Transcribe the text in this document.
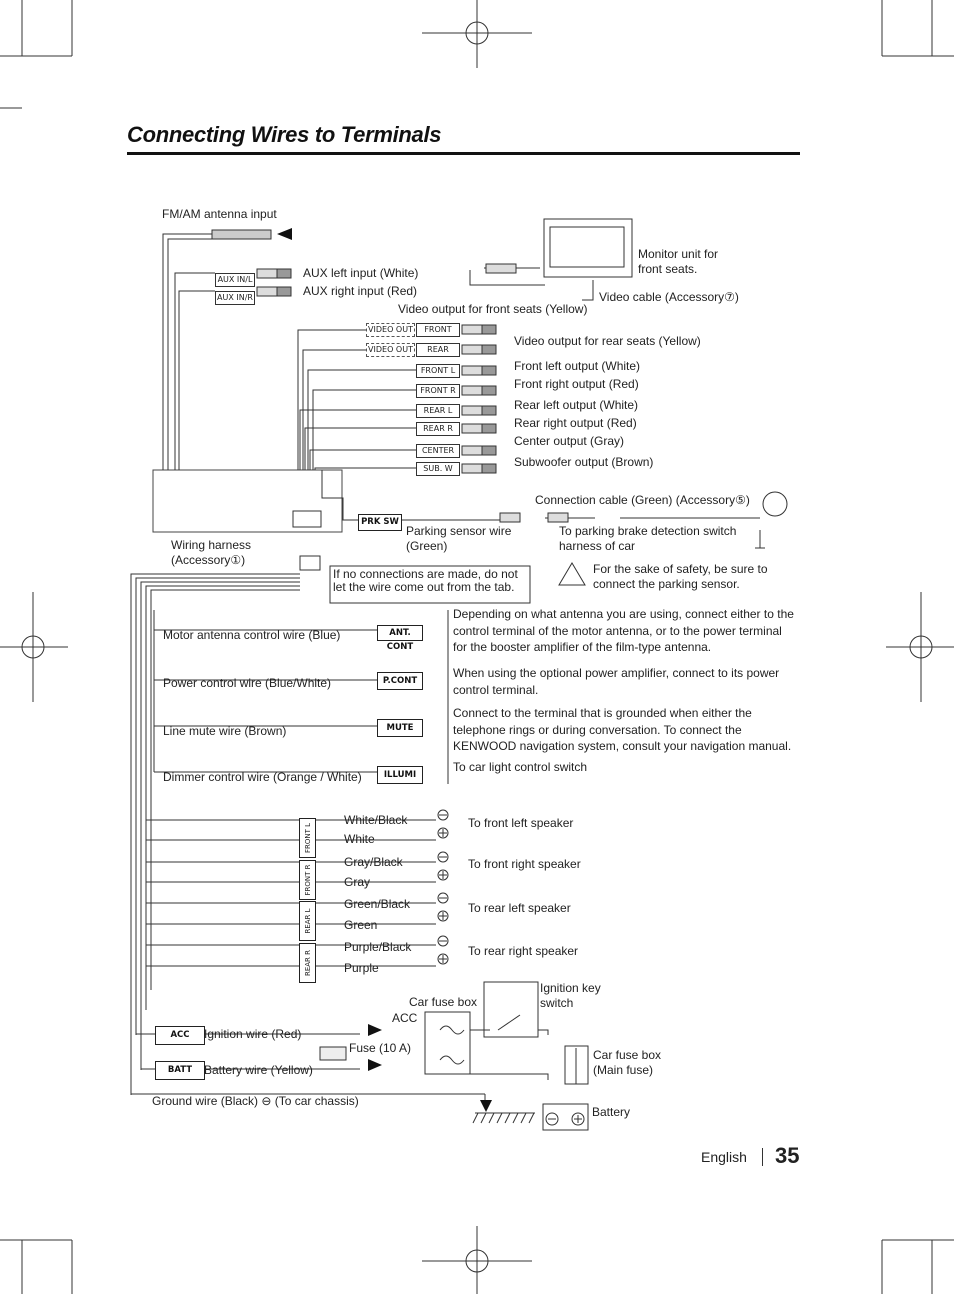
Connecting Wires to Terminals
AUX IN/L
AUX IN/R
VIDEO OUT
VIDEO OUT
FRONT
REAR
FRONT L
FRONT R
REAR L
REAR R
CENTER
SUB. W
PRK SW
ANT. CONT
P.CONT
MUTE
ILLUMI
ACC
BATT
FRONT L
FRONT R
REAR L
REAR R
FM/AM antenna input
AUX left input (White)
AUX right input (Red)
Monitor unit for front seats.
Video cable (Accessory⑦)
Video output for front seats (Yellow)
Video output for rear seats (Yellow)
Front left output (White)
Front right output (Red)
Rear left output (White)
Rear right output (Red)
Center output (Gray)
Subwoofer output (Brown)
Connection cable (Green) (Accessory⑤)
Parking sensor wire (Green)
To parking brake detection switch harness of car
Wiring harness (Accessory①)
If no connections are made, do not let the wire come out from the tab.
For the sake of safety, be sure to connect the parking sensor.
Motor antenna control wire (Blue)
Depending on what antenna you are using, connect either to the control terminal of the motor antenna, or to the power terminal for the booster amplifier of the film-type antenna.
Power control wire (Blue/White)
When using the optional power amplifier, connect to its power control terminal.
Line mute wire (Brown)
Connect to the terminal that is grounded when either the telephone rings or during conversation. To connect the KENWOOD navigation system, consult your navigation manual.
Dimmer control wire (Orange / White)
To car light control switch
White/Black
White
To front left speaker
Gray/Black
Gray
To front right speaker
Green/Black
Green
To rear left speaker
Purple/Black
Purple
To rear right speaker
Ignition key switch
Car fuse box
ACC
Ignition wire (Red)
Fuse (10 A)
Battery wire (Yellow)
Car fuse box (Main fuse)
Battery
Ground wire (Black) ⊖ (To car chassis)
English 35
